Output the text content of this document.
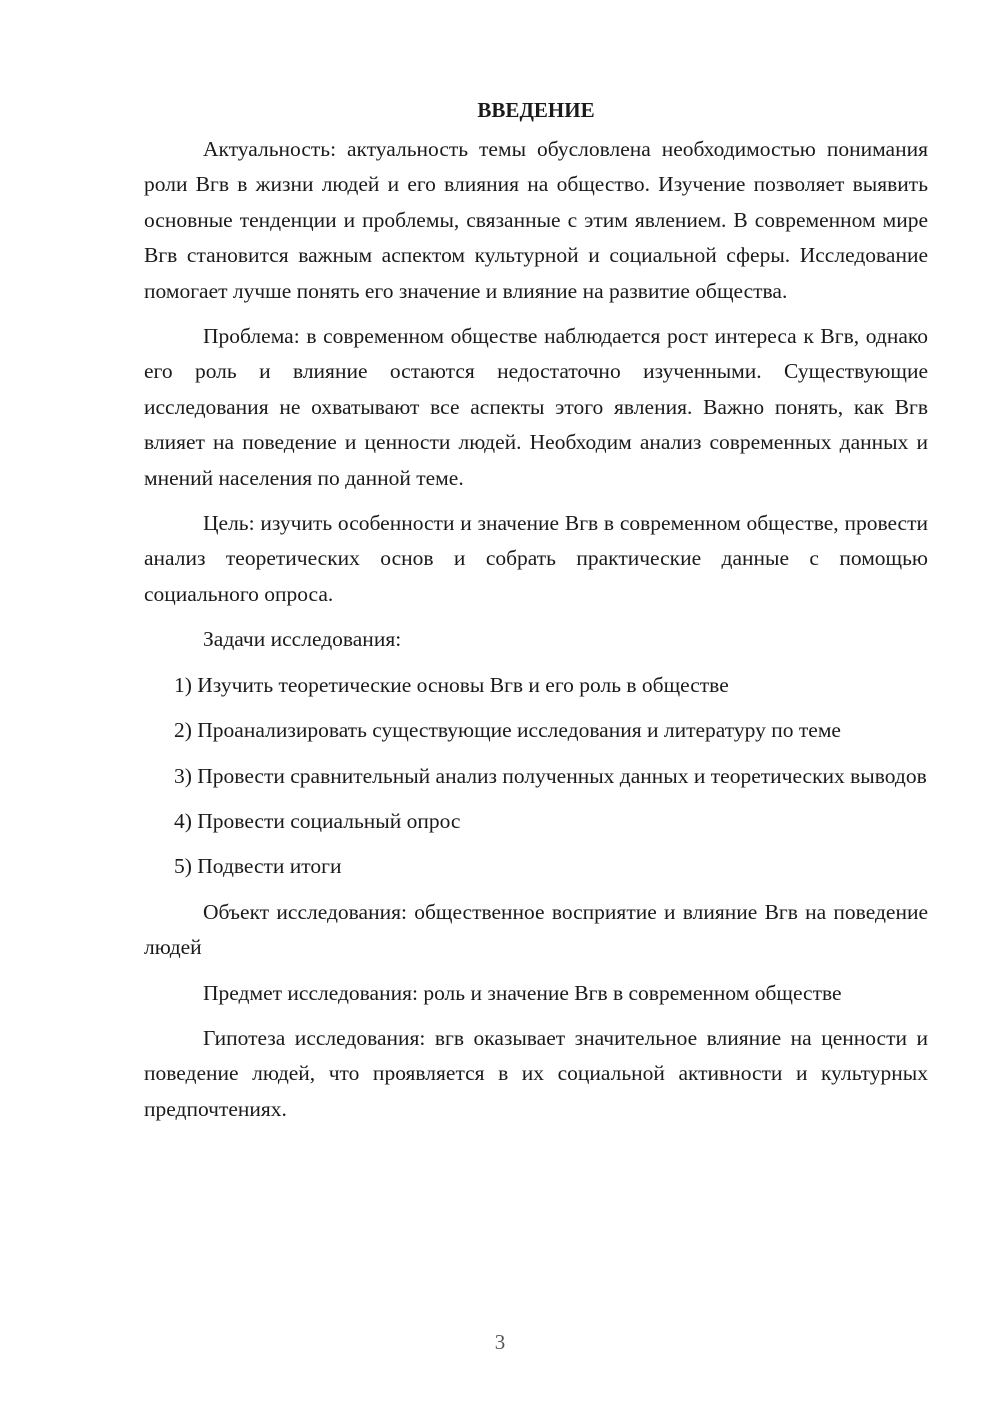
ВВЕДЕНИЕ

Актуальность: актуальность темы обусловлена необходимостью понимания роли Вгв в жизни людей и его влияния на общество. Изучение позволяет выявить основные тенденции и проблемы, связанные с этим явлением. В современном мире Вгв становится важным аспектом культурной и социальной сферы. Исследование помогает лучше понять его значение и влияние на развитие общества.

Проблема: в современном обществе наблюдается рост интереса к Вгв, однако его роль и влияние остаются недостаточно изученными. Существующие исследования не охватывают все аспекты этого явления. Важно понять, как Вгв влияет на поведение и ценности людей. Необходим анализ современных данных и мнений населения по данной теме.

Цель: изучить особенности и значение Вгв в современном обществе, провести анализ теоретических основ и собрать практические данные с помощью социального опроса.

Задачи исследования:

1) Изучить теоретические основы Вгв и его роль в обществе

2) Проанализировать существующие исследования и литературу по теме

3) Провести сравнительный анализ полученных данных и теоретических выводов

4) Провести социальный опрос

5) Подвести итоги

Объект исследования: общественное восприятие и влияние Вгв на поведение людей

Предмет исследования: роль и значение Вгв в современном обществе

Гипотеза исследования: вгв оказывает значительное влияние на ценности и поведение людей, что проявляется в их социальной активности и культурных предпочтениях.

3
